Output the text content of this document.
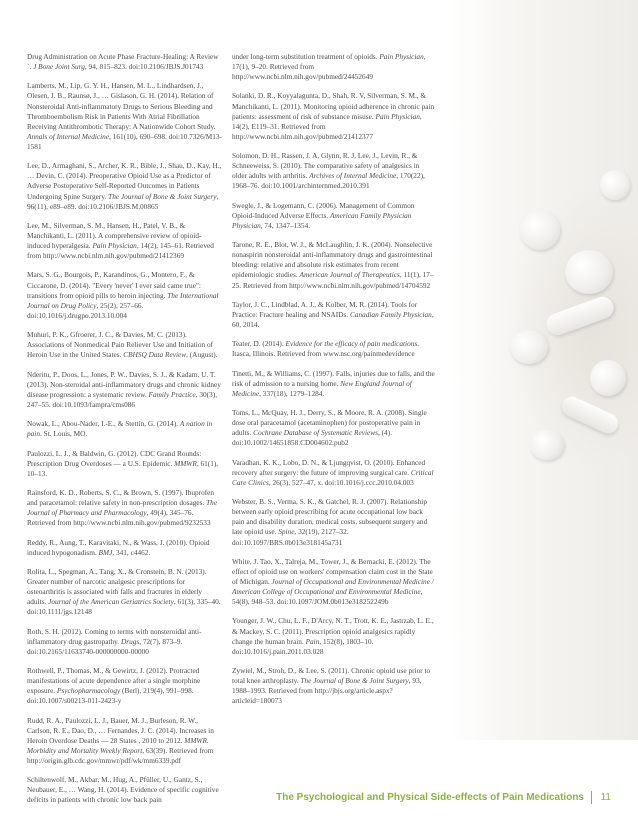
Drug Administration on Acute Phase Fracture-Healing: A Review `. J Bone Joint Surg, 94, 815–823. doi:10.2106/JBJS.J01743

Lamberts, M., Lip, G. Y. H., Hansen, M. L., Lindhardsen, J., Olesen, J. B., Raunsø, J., … Gislason, G. H. (2014). Relation of Nonsteroidal Anti-inflammatory Drugs to Serious Bleeding and Thromboembolism Risk in Patients With Atrial Fibrillation Receiving Antithrombotic Therapy: A Nationwide Cohort Study. Annals of Internal Medicine, 161(10), 690–698. doi:10.7326/M13-1581

Lee, D., Armaghani, S., Archer, K. R., Bible, J., Shau, D., Kay, H., … Devin, C. (2014). Preoperative Opioid Use as a Predictor of Adverse Postoperative Self-Reported Outcomes in Patients Undergoing Spine Surgery. The Journal of Bone & Joint Surgery, 96(11), e89–e89. doi:10.2106/JBJS.M.00865

Lee, M., Silverman, S. M., Hansen, H., Patel, V. B., & Manchikanti, L. (2011). A comprehensive review of opioid-induced hyperalgesia. Pain Physician, 14(2), 145–61. Retrieved from http://www.ncbi.nlm.nih.gov/pubmed/21412369

Mars, S. G., Bourgois, P., Karandinos, G., Montero, F., & Ciccarone, D. (2014). "Every 'never' I ever said came true": transitions from opioid pills to heroin injecting. The International Journal on Drug Policy, 25(2), 257–66. doi:10.1016/j.drugpo.2013.10.004

Muhuri, P. K., Gfroerer, J. C., & Davies, M. C. (2013). Associations of Nonmedical Pain Reliever Use and Initiation of Heroin Use in the United States. CBHSQ Data Review, (August).

Nderitu, P., Doos, L., Jones, P. W., Davies, S. J., & Kadam, U. T. (2013). Non-steroidal anti-inflammatory drugs and chronic kidney disease progression: a systematic review. Family Practice, 30(3), 247–55. doi:10.1093/fampra/cms086

Nowak, L., Abou-Nader, I.-E., & Stettin, G. (2014). A nation in pain. St. Louis, MO.

Paulozzi, L. J., & Baldwin, G. (2012). CDC Grand Rounds: Prescription Drug Overdoses — a U.S. Epidemic. MMWR, 61(1), 10–13.

Rainsford, K. D., Roberts, S. C., & Brown, S. (1997). Ibuprofen and paracetamol: relative safety in non-prescription dosages. The Journal of Pharmacy and Pharmacology, 49(4), 345–76. Retrieved from http://www.ncbi.nlm.nih.gov/pubmed/9232533

Reddy, R., Aung, T., Karavitaki, N., & Wass, J. (2010). Opioid induced hypogonadism. BMJ, 341, c4462.

Rolita, L., Spegman, A., Tang, X., & Cronstein, B. N. (2013). Greater number of narcotic analgesic prescriptions for osteoarthritis is associated with falls and fractures in elderly adults. Journal of the American Geriatrics Society, 61(3), 335–40. doi:10.1111/jgs.12148

Roth, S. H. (2012). Coming to terms with nonsteroidal anti-inflammatory drug gastropathy. Drugs, 72(7), 873–9. doi:10.2165/11633740-000000000-00000

Rothwell, P., Thomas, M., & Gewirtz, J. (2012). Protracted manifestations of acute dependence after a single morphine exposure. Psychopharmacology (Berl), 219(4), 991–998. doi:10.1007/s00213-011-2423-y

Rudd, R. A., Paulozzi, L. J., Bauer, M. J., Burleson, R. W., Carlson, R. E., Dao, D., … Fernandes, J. C. (2014). Increases in Heroin Overdose Deaths — 28 States , 2010 to 2012. MMWR. Morbidity and Mortality Weekly Report, 63(39). Retrieved from http://origin.glb.cdc.gov/mmwr/pdf/wk/mm6339.pdf

Schiltenwolf, M., Akbar, M., Hug, A., Pfüller, U., Gantz, S., Neubauer, E., … Wang, H. (2014). Evidence of specific cognitive deficits in patients with chronic low back pain

under long-term substitution treatment of opioids. Pain Physician, 17(1), 9–20. Retrieved from http://www.ncbi.nlm.nih.gov/pubmed/24452649

Solanki, D. R., Koyyalagunta, D., Shah, R. V, Silverman, S. M., & Manchikanti, L. (2011). Monitoring opioid adherence in chronic pain patients: assessment of risk of substance misuse. Pain Physician, 14(2), E119–31. Retrieved from http://www.ncbi.nlm.nih.gov/pubmed/21412377

Solomon, D. H., Rassen, J. A, Glynn, R. J, Lee, J., Levin, R., & Schneeweiss, S. (2010). The comparative safety of analgesics in older adults with arthritis. Archives of Internal Medicine, 170(22), 1968–76. doi:10.1001/archinternmed.2010.391

Swegle, J., & Logemann, C. (2006). Management of Common Opioid-Induced Adverse Effects. American Family Physician Physician, 74, 1347–1354.

Tarone, R. E., Blot, W. J., & McLaughlin, J. K. (2004). Nonselective nonaspirin nonsteroidal anti-inflammatory drugs and gastrointestinal bleeding: relative and absolute risk estimates from recent epidemiologic studies. American Journal of Therapeutics, 11(1), 17–25. Retrieved from http://www.ncbi.nlm.nih.gov/pubmed/14704592

Taylor, J. C., Lindblad, A. J., & Kolber, M. R. (2014). Tools for Practice: Fracture healing and NSAIDs. Canadian Family Physician, 60, 2014.

Teater, D. (2014). Evidence for the efficacy of pain medications. Itasca, Illinois. Retrieved from www.nsc.org/painmedevidence

Tinetti, M., & Williams, C. (1997). Falls, injuries due to falls, and the risk of admission to a nursing home. New England Journal of Medicine, 337(18), 1279–1284.

Toms, L., McQuay, H. J., Derry, S., & Moore, R. A. (2008). Single dose oral paracetamol (acetaminophen) for postoperative pain in adults. Cochrane Database of Systematic Reviews, (4). doi:10.1002/14651858.CD004602.pub2

Varadhan, K. K., Lobo, D. N., & Ljungqvist, O. (2010). Enhanced recovery after surgery: the future of improving surgical care. Critical Care Clinics, 26(3), 527–47, x. doi:10.1016/j.ccc.2010.04.003

Webster, B. S., Verma, S. K., & Gatchel, R. J. (2007). Relationship between early opioid prescribing for acute occupational low back pain and disability duration, medical costs, subsequent surgery and late opioid use. Spine, 32(19), 2127–32. doi:10.1097/BRS.0b013e318145a731

White, J. Tao, X., Talreja, M., Tower, J., & Bernacki, E. (2012). The effect of opioid use on workers' compensation claim cost in the State of Michigan. Journal of Occupational and Environmental Medicine / American College of Occupational and Environmental Medicine, 54(8), 948–53. doi:10.1097/JOM.0b013e318252249b

Younger, J. W., Chu, L. F., D'Arcy, N. T., Trott, K. E., Jastrzab, L. E., & Mackey, S. C. (2011). Prescription opioid analgesics rapidly change the human brain. Pain, 152(8), 1803–10. doi:10.1016/j.pain.2011.03.028

Zywiel, M., Stroh, D., & Lee, S. (2011). Chronic opioid use prior to total knee arthroplasty. The Journal of Bone & Joint Surgery, 93, 1988–1993. Retrieved from http://jbjs.org/article.aspx?articleid=180073

The Psychological and Physical Side-effects of Pain Medications 11
